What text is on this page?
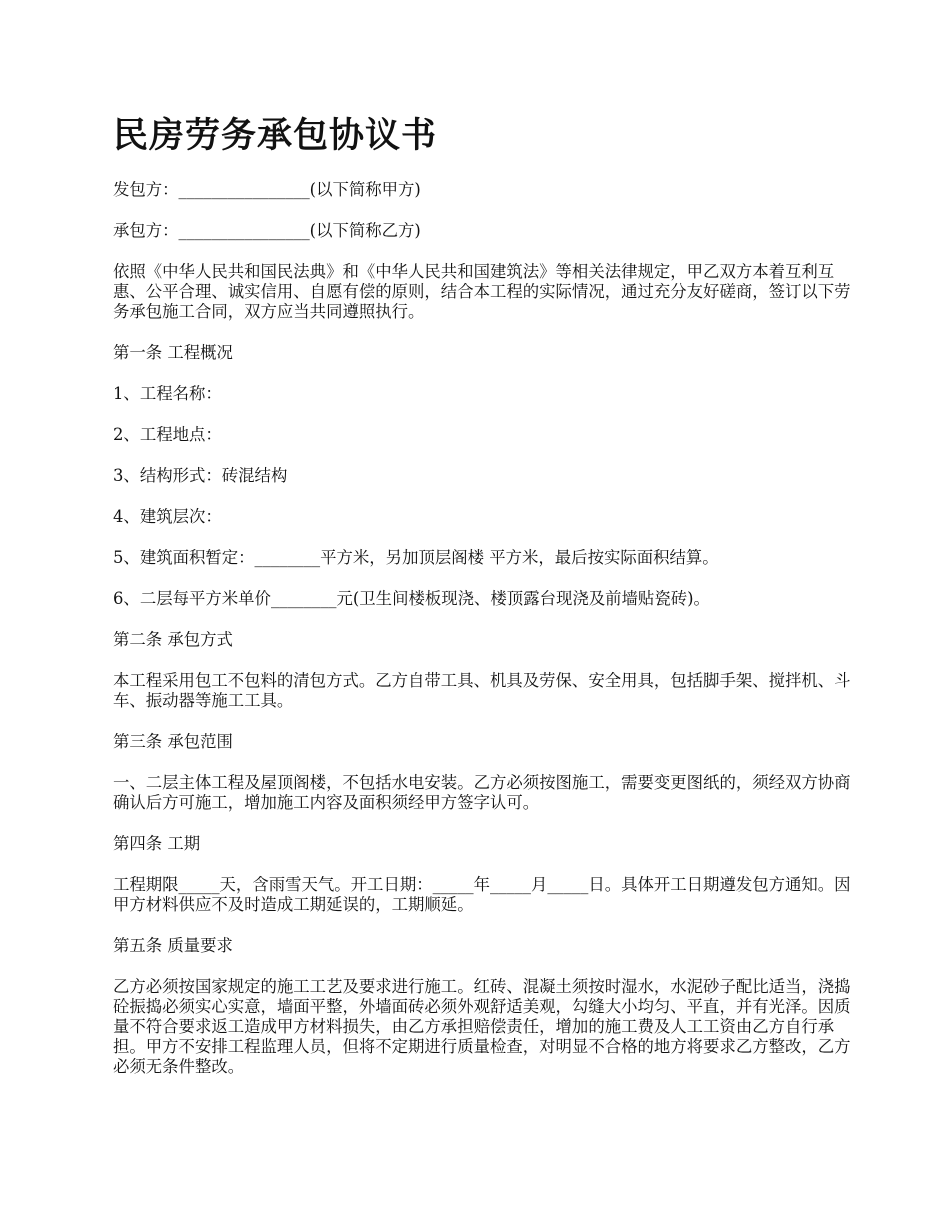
民房劳务承包协议书

发包方：________________(以下简称甲方)

承包方：________________(以下简称乙方)

依照《中华人民共和国民法典》和《中华人民共和国建筑法》等相关法律规定，甲乙双方本着互利互惠、公平合理、诚实信用、自愿有偿的原则，结合本工程的实际情况，通过充分友好磋商，签订以下劳务承包施工合同，双方应当共同遵照执行。

第一条 工程概况

1、工程名称：

2、工程地点：

3、结构形式：砖混结构

4、建筑层次：

5、建筑面积暂定：________平方米，另加顶层阁楼 平方米，最后按实际面积结算。

6、二层每平方米单价________元(卫生间楼板现浇、楼顶露台现浇及前墙贴瓷砖)。

第二条 承包方式

本工程采用包工不包料的清包方式。乙方自带工具、机具及劳保、安全用具，包括脚手架、搅拌机、斗车、振动器等施工工具。

第三条 承包范围

一、二层主体工程及屋顶阁楼，不包括水电安装。乙方必须按图施工，需要变更图纸的，须经双方协商确认后方可施工，增加施工内容及面积须经甲方签字认可。

第四条 工期

工程期限_____天，含雨雪天气。开工日期：_____年_____月_____日。具体开工日期遵发包方通知。因甲方材料供应不及时造成工期延误的，工期顺延。

第五条 质量要求

乙方必须按国家规定的施工工艺及要求进行施工。红砖、混凝土须按时湿水，水泥砂子配比适当，浇捣砼振捣必须实心实意，墙面平整，外墙面砖必须外观舒适美观，勾缝大小均匀、平直，并有光泽。因质量不符合要求返工造成甲方材料损失，由乙方承担赔偿责任，增加的施工费及人工工资由乙方自行承担。甲方不安排工程监理人员，但将不定期进行质量检查，对明显不合格的地方将要求乙方整改，乙方必须无条件整改。
